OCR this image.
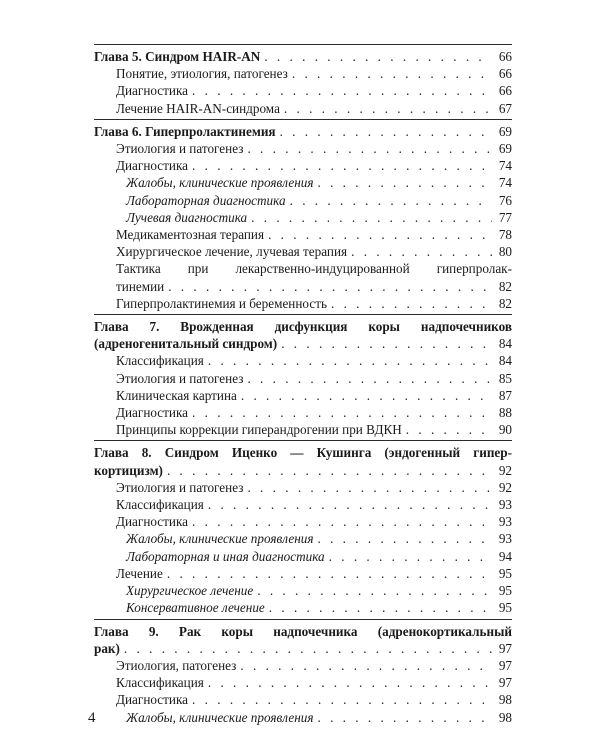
Глава 5. Синдром HAIR-AN . . .	66
Понятие, этиология, патогенез . . .	66
Диагностика . . .	66
Лечение HAIR-AN-синдрома . . .	67
Глава 6. Гиперпролактинемия . . .	69
Этиология и патогенез . . .	69
Диагностика . . .	74
Жалобы, клинические проявления . . .	74
Лабораторная диагностика . . .	76
Лучевая диагностика . . .	77
Медикаментозная терапия . . .	78
Хирургическое лечение, лучевая терапия . . .	80
Тактика при лекарственно-индуцированной гиперпролак-
тинемии . . .	82
Гиперпролактинемия и беременность . . .	82
Глава 7. Врожденная дисфункция коры надпочечников
(адреногенитальный синдром) . . .	84
Классификация . . .	84
Этиология и патогенез . . .	85
Клиническая картина . . .	87
Диагностика . . .	88
Принципы коррекции гиперандрогении при ВДКН . . .	90
Глава 8. Синдром Иценко — Кушинга (эндогенный гипер-
кортицизм) . . .	92
Этиология и патогенез . . .	92
Классификация . . .	93
Диагностика . . .	93
Жалобы, клинические проявления . . .	93
Лабораторная и иная диагностика . . .	94
Лечение . . .	95
Хирургическое лечение . . .	95
Консервативное лечение . . .	95
Глава 9. Рак коры надпочечника (адренокортикальный
рак) . . .	97
Этиология, патогенез . . .	97
Классификация . . .	97
Диагностика . . .	98
Жалобы, клинические проявления . . .	98
4
